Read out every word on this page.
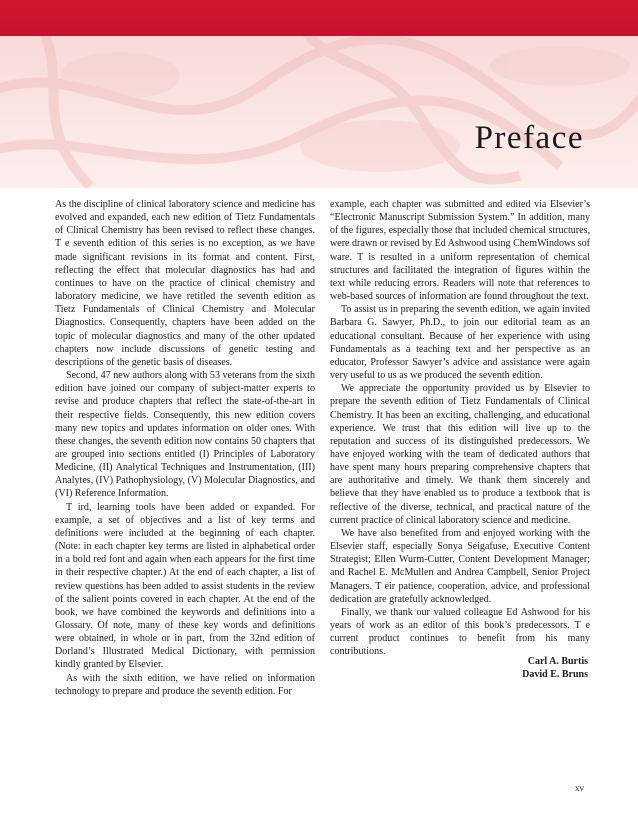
Preface

As the discipline of clinical laboratory science and medicine has evolved and expanded, each new edition of Tietz Fundamentals of Clinical Chemistry has been revised to reflect these changes. T e seventh edition of this series is no exception, as we have made significant revisions in its format and content. First, reflecting the effect that molecular diagnostics has had and continues to have on the practice of clinical chemistry and laboratory medicine, we have retitled the seventh edition as Tietz Fundamentals of Clinical Chemistry and Molecular Diagnostics. Consequently, chapters have been added on the topic of molecular diagnostics and many of the other updated chapters now include discussions of genetic testing and descriptions of the genetic basis of diseases.

Second, 47 new authors along with 53 veterans from the sixth edition have joined our company of subject-matter experts to revise and produce chapters that reflect the state-of-the-art in their respective fields. Consequently, this new edition covers many new topics and updates information on older ones. With these changes, the seventh edition now contains 50 chapters that are grouped into sections entitled (I) Principles of Laboratory Medicine, (II) Analytical Techniques and Instrumentation, (III) Analytes, (IV) Pathophysiology, (V) Molecular Diagnostics, and (VI) Reference Information.

T ird, learning tools have been added or expanded. For example, a set of objectives and a list of key terms and definitions were included at the beginning of each chapter. (Note: in each chapter key terms are listed in alphabetical order in a bold red font and again when each appears for the first time in their respective chapter.) At the end of each chapter, a list of review questions has been added to assist students in the review of the salient points covered in each chapter. At the end of the book, we have combined the keywords and definitions into a Glossary. Of note, many of these key words and definitions were obtained, in whole or in part, from the 32nd edition of Dorland’s Illustrated Medical Dictionary, with permission kindly granted by Elsevier.

As with the sixth edition, we have relied on information technology to prepare and produce the seventh edition. For

example, each chapter was submitted and edited via Elsevier’s “Electronic Manuscript Submission System.” In addition, many of the figures, especially those that included chemical structures, were drawn or revised by Ed Ashwood using ChemWindows sof ware. T is resulted in a uniform representation of chemical structures and facilitated the integration of figures within the text while reducing errors. Readers will note that references to web-based sources of information are found throughout the text.

To assist us in preparing the seventh edition, we again invited Barbara G. Sawyer, Ph.D., to join our editorial team as an educational consultant. Because of her experience with using Fundamentals as a teaching text and her perspective as an educator, Professor Sawyer’s advice and assistance were again very useful to us as we produced the seventh edition.

We appreciate the opportunity provided us by Elsevier to prepare the seventh edition of Tietz Fundamentals of Clinical Chemistry. It has been an exciting, challenging, and educational experience. We trust that this edition will live up to the reputation and success of its distinguished predecessors. We have enjoyed working with the team of dedicated authors that have spent many hours preparing comprehensive chapters that are authoritative and timely. We thank them sincerely and believe that they have enabled us to produce a textbook that is reflective of the diverse, technical, and practical nature of the current practice of clinical laboratory science and medicine.

We have also benefited from and enjoyed working with the Elsevier staff, especially Sonya Seigafuse, Executive Content Strategist; Ellen Wurm-Cutter, Content Development Manager; and Rachel E. McMullen and Andrea Campbell, Senior Project Managers. T eir patience, cooperation, advice, and professional dedication are gratefully acknowledged.

Finally, we thank our valued colleague Ed Ashwood for his years of work as an editor of this book’s predecessors. T e current product continues to benefit from his many contributions.

Carl A. Burtis
David E. Bruns
xv
